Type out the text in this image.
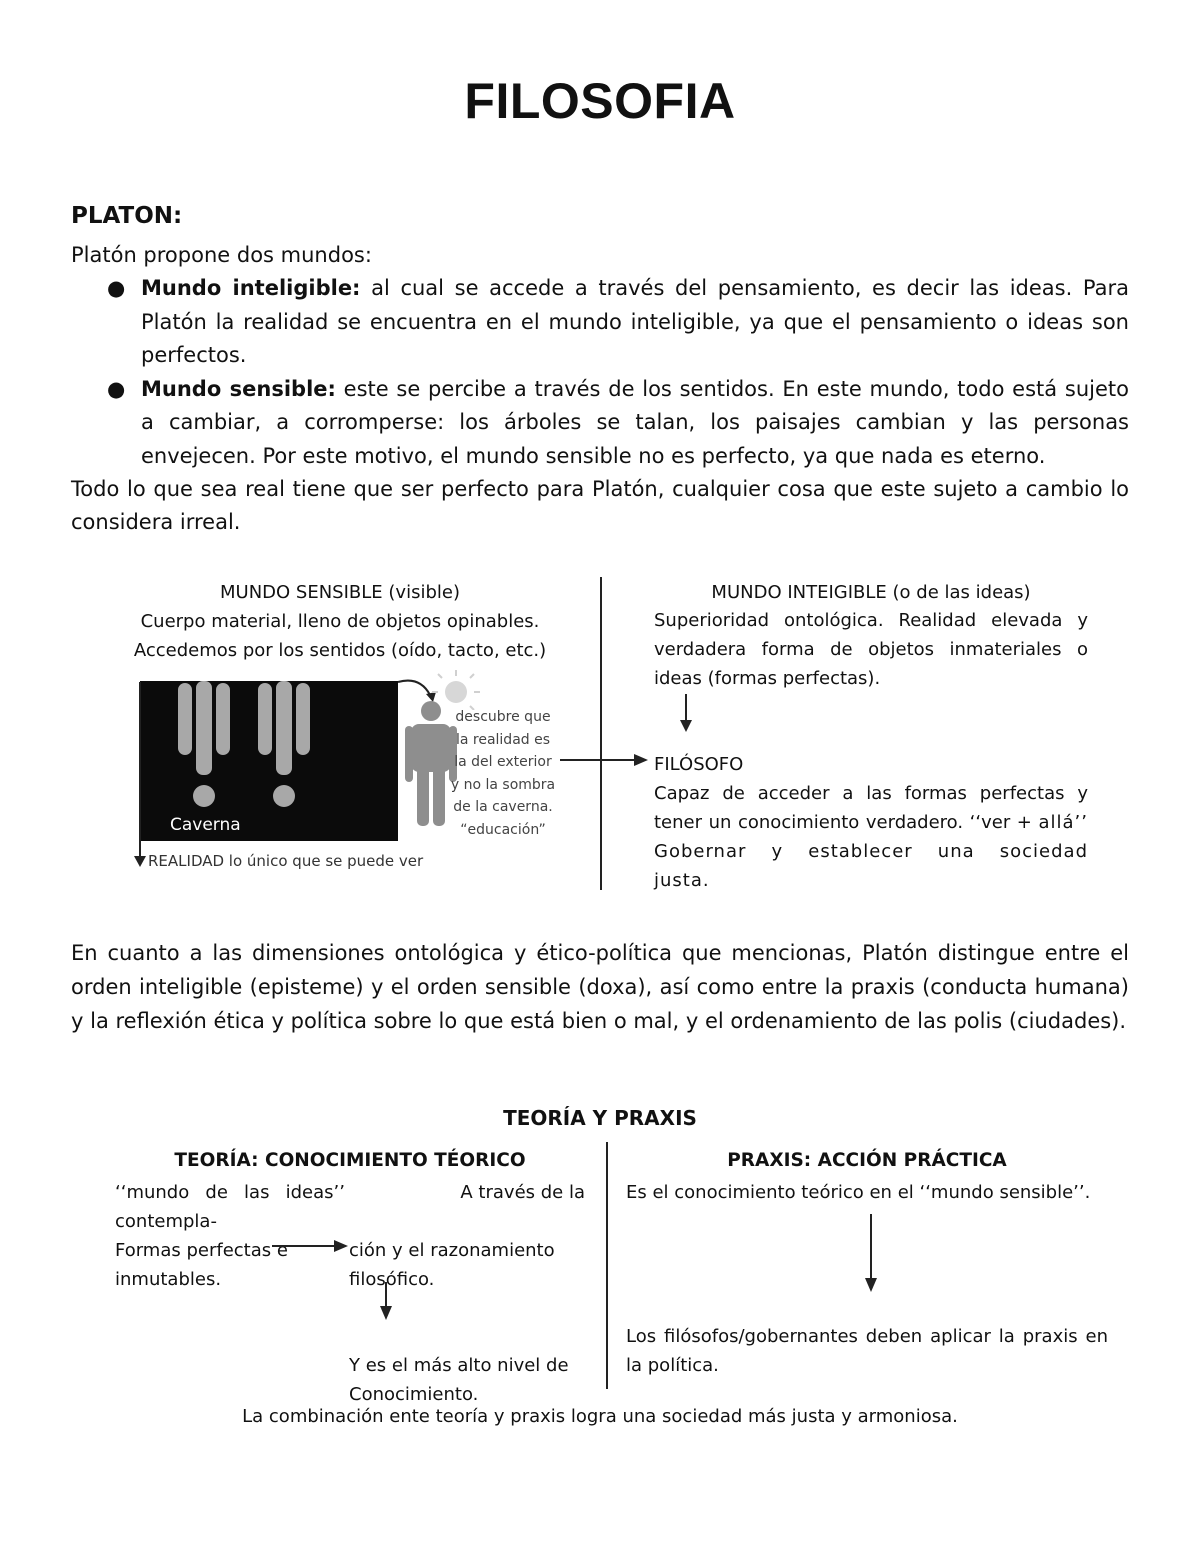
FILOSOFIA
PLATON:
Platón propone dos mundos:
● Mundo inteligible: al cual se accede a través del pensamiento, es decir las ideas. Para Platón la realidad se encuentra en el mundo inteligible, ya que el pensamiento o ideas son perfectos.
● Mundo sensible: este se percibe a través de los sentidos. En este mundo, todo está sujeto a cambiar, a corromperse: los árboles se talan, los paisajes cambian y las personas envejecen. Por este motivo, el mundo sensible no es perfecto, ya que nada es eterno.
Todo lo que sea real tiene que ser perfecto para Platón, cualquier cosa que este sujeto a cambio lo considera irreal.
MUNDO SENSIBLE (visible)
Cuerpo material, lleno de objetos opinables.
Accedemos por los sentidos (oído, tacto, etc.)
Caverna
descubre que la realidad es la del exterior y no la sombra de la caverna. “educación”
REALIDAD lo único que se puede ver
MUNDO INTEIGIBLE (o de las ideas)
Superioridad ontológica. Realidad elevada y verdadera forma de objetos inmateriales o ideas (formas perfectas).
FILÓSOFO
Capaz de acceder a las formas perfectas y tener un conocimiento verdadero. ‘‘ver + allá’’ Gobernar y establecer una sociedad justa.
En cuanto a las dimensiones ontológica y ético-política que mencionas, Platón distingue entre el orden inteligible (episteme) y el orden sensible (doxa), así como entre la praxis (conducta humana) y la reflexión ética y política sobre lo que está bien o mal, y el ordenamiento de las polis (ciudades).
TEORÍA Y PRAXIS
TEORÍA: CONOCIMIENTO TÉORICO	PRAXIS: ACCIÓN PRÁCTICA
‘‘mundo de las ideas’’ contempla-
Formas perfectas e inmutables.
A través de la
ción y el razonamiento filosófico.
Y es el más alto nivel de Conocimiento.
Es el conocimiento teórico en el ‘‘mundo sensible’’.
Los filósofos/gobernantes deben aplicar la praxis en la política.
La combinación ente teoría y praxis logra una sociedad más justa y armoniosa.
